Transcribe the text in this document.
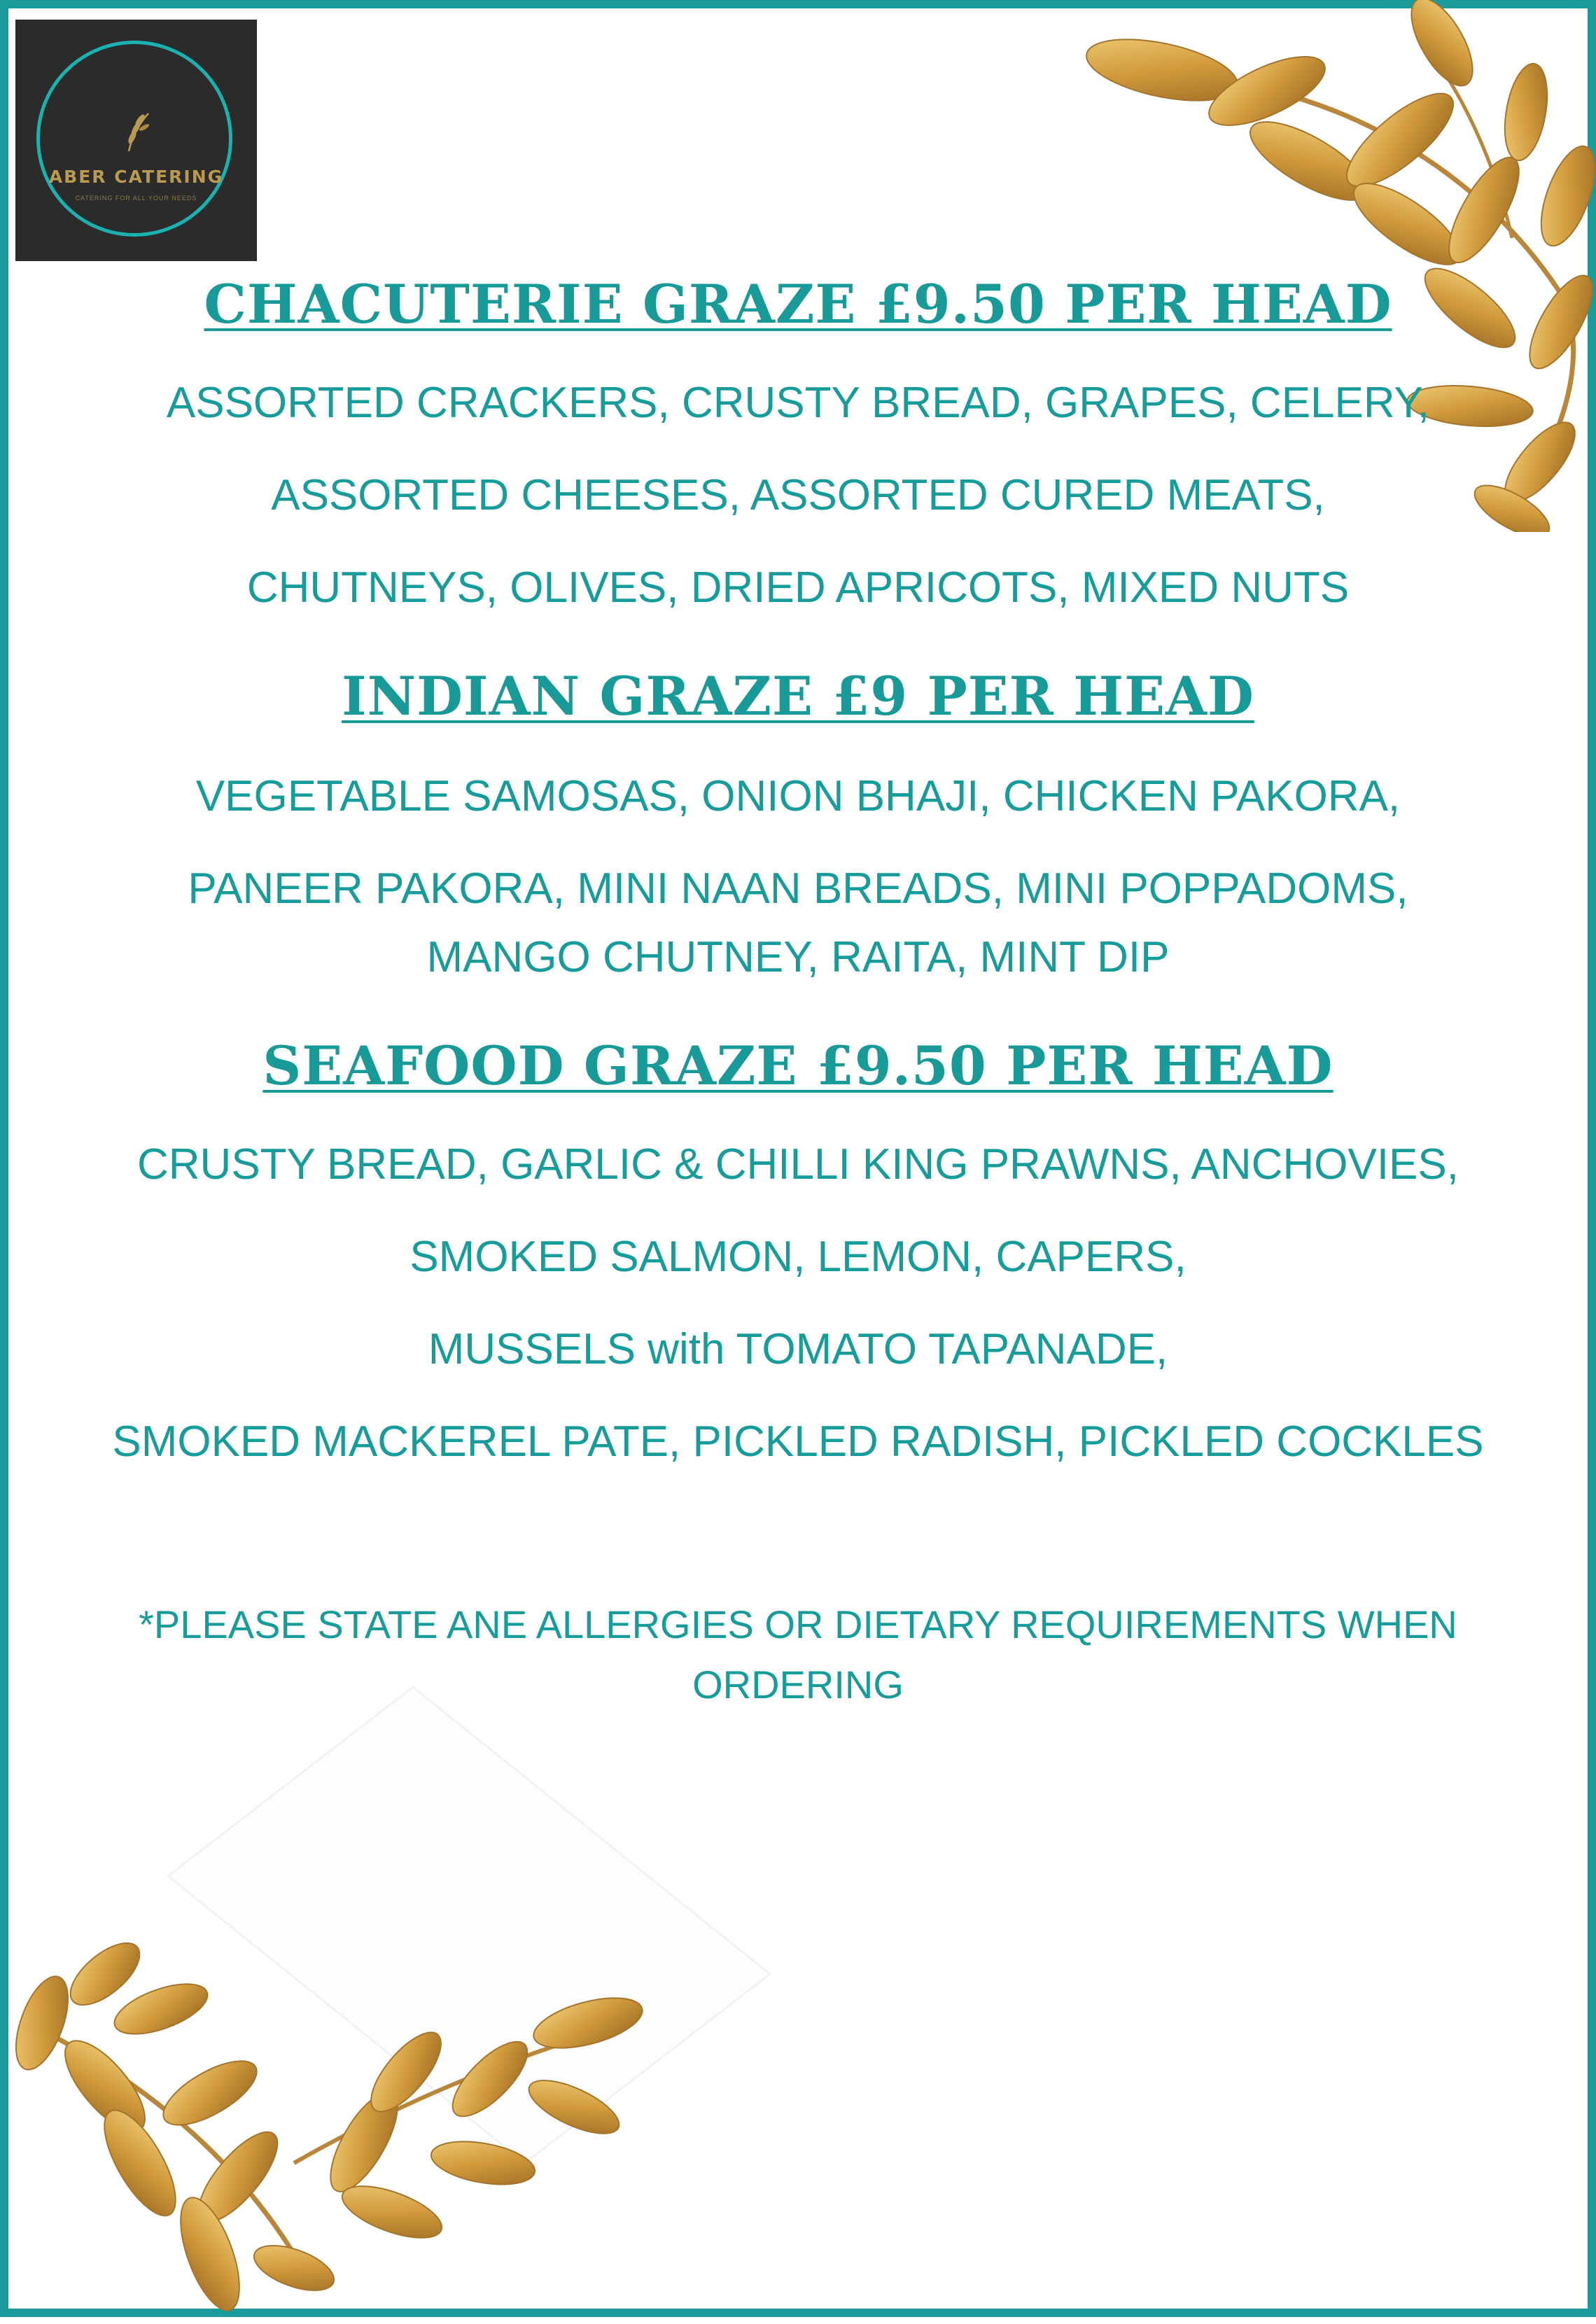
ABER CATERING
CATERING FOR ALL YOUR NEEDS
CHACUTERIE GRAZE £9.50 PER HEAD
ASSORTED CRACKERS, CRUSTY BREAD, GRAPES, CELERY,
ASSORTED CHEESES, ASSORTED CURED MEATS,
CHUTNEYS, OLIVES, DRIED APRICOTS, MIXED NUTS
INDIAN GRAZE £9 PER HEAD
VEGETABLE SAMOSAS, ONION BHAJI, CHICKEN PAKORA,
PANEER PAKORA, MINI NAAN BREADS, MINI POPPADOMS,
MANGO CHUTNEY, RAITA, MINT DIP
SEAFOOD GRAZE £9.50 PER HEAD
CRUSTY BREAD, GARLIC & CHILLI KING PRAWNS, ANCHOVIES,
SMOKED SALMON, LEMON, CAPERS,
MUSSELS with TOMATO TAPANADE,
SMOKED MACKEREL PATE, PICKLED RADISH, PICKLED COCKLES
*PLEASE STATE ANE ALLERGIES OR DIETARY REQUIREMENTS WHEN
ORDERING
